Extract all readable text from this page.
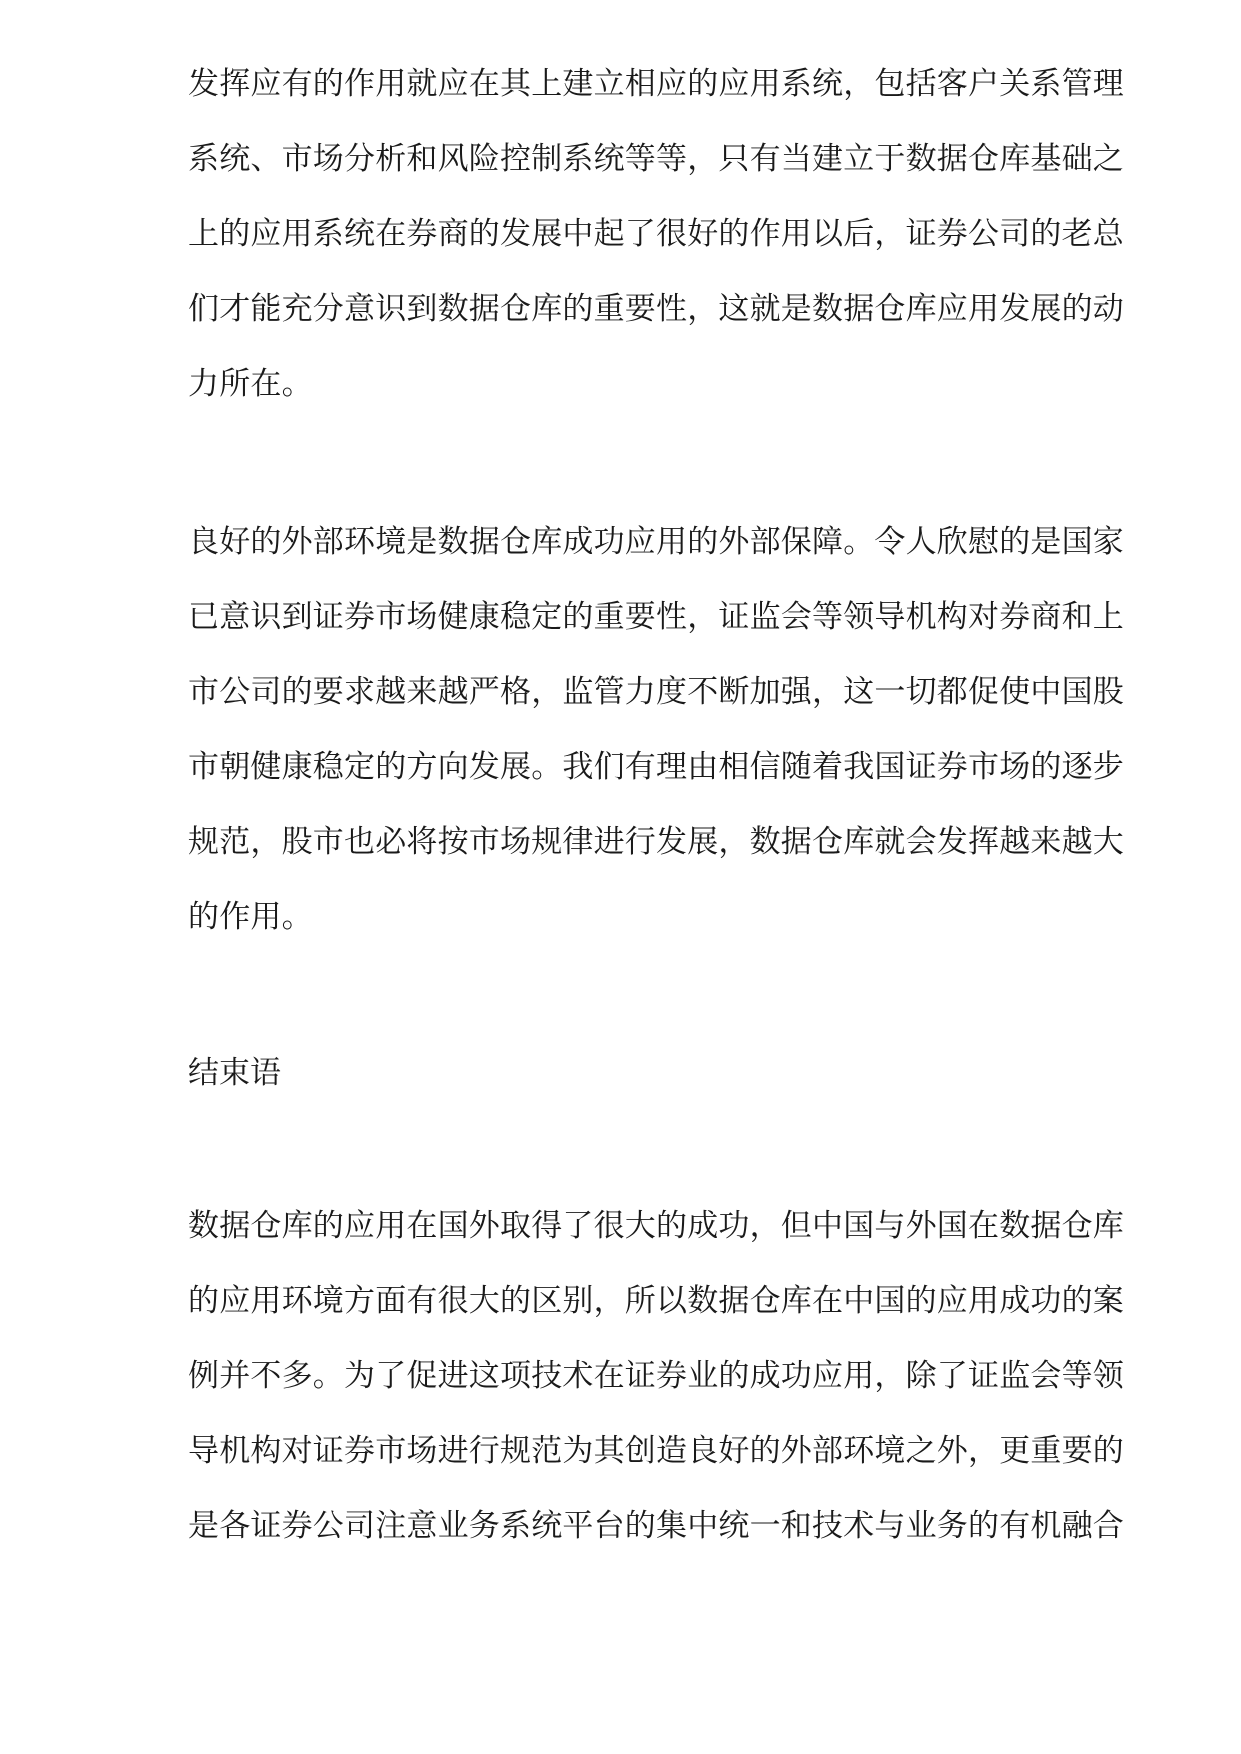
发挥应有的作用就应在其上建立相应的应用系统，包括客户关系管理

系统、市场分析和风险控制系统等等，只有当建立于数据仓库基础之

上的应用系统在券商的发展中起了很好的作用以后，证券公司的老总

们才能充分意识到数据仓库的重要性，这就是数据仓库应用发展的动

力所在。

良好的外部环境是数据仓库成功应用的外部保障。令人欣慰的是国家

已意识到证券市场健康稳定的重要性，证监会等领导机构对券商和上

市公司的要求越来越严格，监管力度不断加强，这一切都促使中国股

市朝健康稳定的方向发展。我们有理由相信随着我国证券市场的逐步

规范，股市也必将按市场规律进行发展，数据仓库就会发挥越来越大

的作用。

结束语

数据仓库的应用在国外取得了很大的成功，但中国与外国在数据仓库

的应用环境方面有很大的区别，所以数据仓库在中国的应用成功的案

例并不多。为了促进这项技术在证券业的成功应用，除了证监会等领

导机构对证券市场进行规范为其创造良好的外部环境之外，更重要的

是各证券公司注意业务系统平台的集中统一和技术与业务的有机融合
